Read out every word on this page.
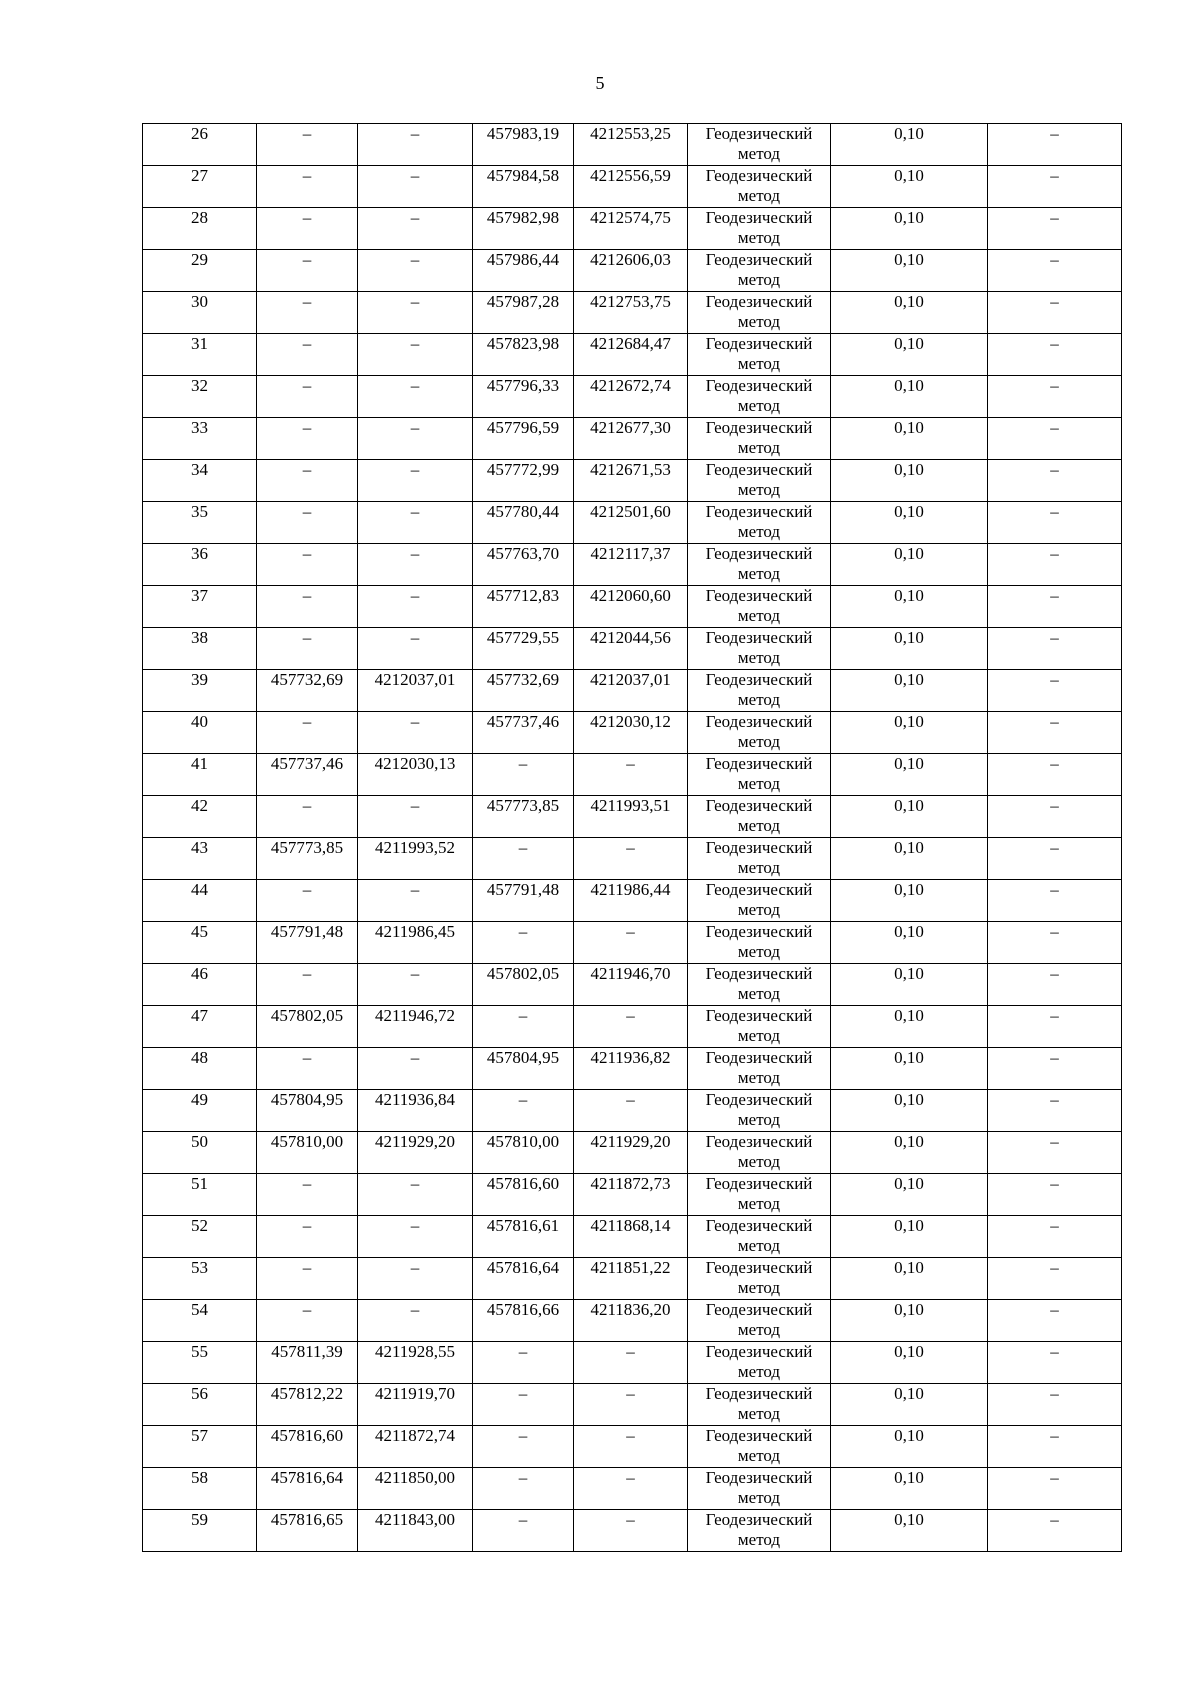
5
26	–	–	457983,19	4212553,25	Геодезический метод	0,10	–
27	–	–	457984,58	4212556,59	Геодезический метод	0,10	–
28	–	–	457982,98	4212574,75	Геодезический метод	0,10	–
29	–	–	457986,44	4212606,03	Геодезический метод	0,10	–
30	–	–	457987,28	4212753,75	Геодезический метод	0,10	–
31	–	–	457823,98	4212684,47	Геодезический метод	0,10	–
32	–	–	457796,33	4212672,74	Геодезический метод	0,10	–
33	–	–	457796,59	4212677,30	Геодезический метод	0,10	–
34	–	–	457772,99	4212671,53	Геодезический метод	0,10	–
35	–	–	457780,44	4212501,60	Геодезический метод	0,10	–
36	–	–	457763,70	4212117,37	Геодезический метод	0,10	–
37	–	–	457712,83	4212060,60	Геодезический метод	0,10	–
38	–	–	457729,55	4212044,56	Геодезический метод	0,10	–
39	457732,69	4212037,01	457732,69	4212037,01	Геодезический метод	0,10	–
40	–	–	457737,46	4212030,12	Геодезический метод	0,10	–
41	457737,46	4212030,13	–	–	Геодезический метод	0,10	–
42	–	–	457773,85	4211993,51	Геодезический метод	0,10	–
43	457773,85	4211993,52	–	–	Геодезический метод	0,10	–
44	–	–	457791,48	4211986,44	Геодезический метод	0,10	–
45	457791,48	4211986,45	–	–	Геодезический метод	0,10	–
46	–	–	457802,05	4211946,70	Геодезический метод	0,10	–
47	457802,05	4211946,72	–	–	Геодезический метод	0,10	–
48	–	–	457804,95	4211936,82	Геодезический метод	0,10	–
49	457804,95	4211936,84	–	–	Геодезический метод	0,10	–
50	457810,00	4211929,20	457810,00	4211929,20	Геодезический метод	0,10	–
51	–	–	457816,60	4211872,73	Геодезический метод	0,10	–
52	–	–	457816,61	4211868,14	Геодезический метод	0,10	–
53	–	–	457816,64	4211851,22	Геодезический метод	0,10	–
54	–	–	457816,66	4211836,20	Геодезический метод	0,10	–
55	457811,39	4211928,55	–	–	Геодезический метод	0,10	–
56	457812,22	4211919,70	–	–	Геодезический метод	0,10	–
57	457816,60	4211872,74	–	–	Геодезический метод	0,10	–
58	457816,64	4211850,00	–	–	Геодезический метод	0,10	–
59	457816,65	4211843,00	–	–	Геодезический метод	0,10	–
